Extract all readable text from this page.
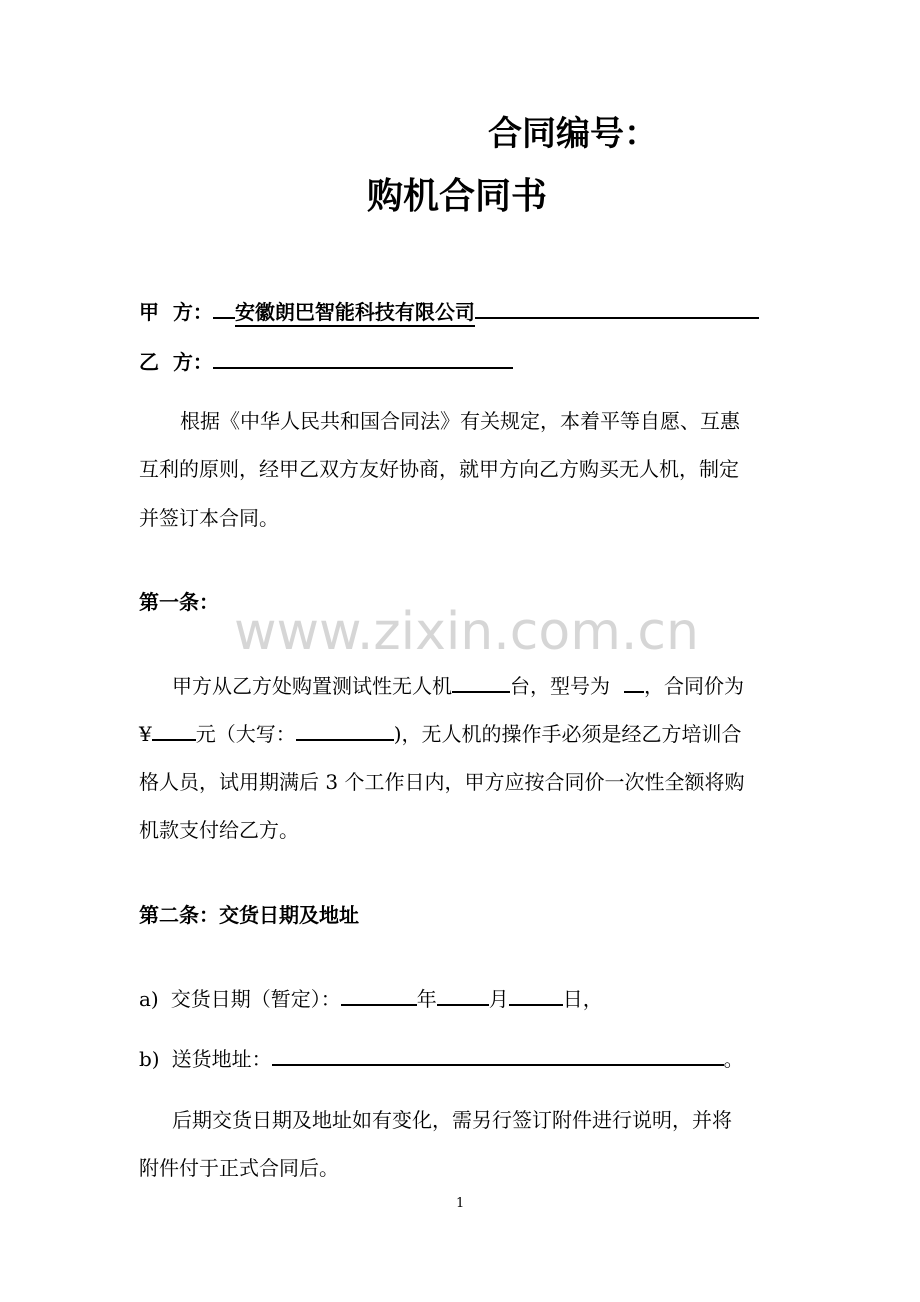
合同编号：
购机合同书
甲  方： 安徽朗巴智能科技有限公司
乙  方：
根据《中华人民共和国合同法》有关规定，本着平等自愿、互惠
互利的原则，经甲乙双方友好协商，就甲方向乙方购买无人机，制定
并签订本合同。
第一条： www.zixin.com.cn
甲方从乙方处购置测试性无人机	台，型号为 ，合同价为
¥ 元（大写：	)，无人机的操作手必须是经乙方培训合
格人员，试用期满后 3 个工作日内，甲方应按合同价一次性全额将购
机款支付给乙方。
第二条：交货日期及地址
a) 交货日期（暂定）：	年	月	日，
b) 送货地址：	。
后期交货日期及地址如有变化，需另行签订附件进行说明，并将
附件付于正式合同后。
1
